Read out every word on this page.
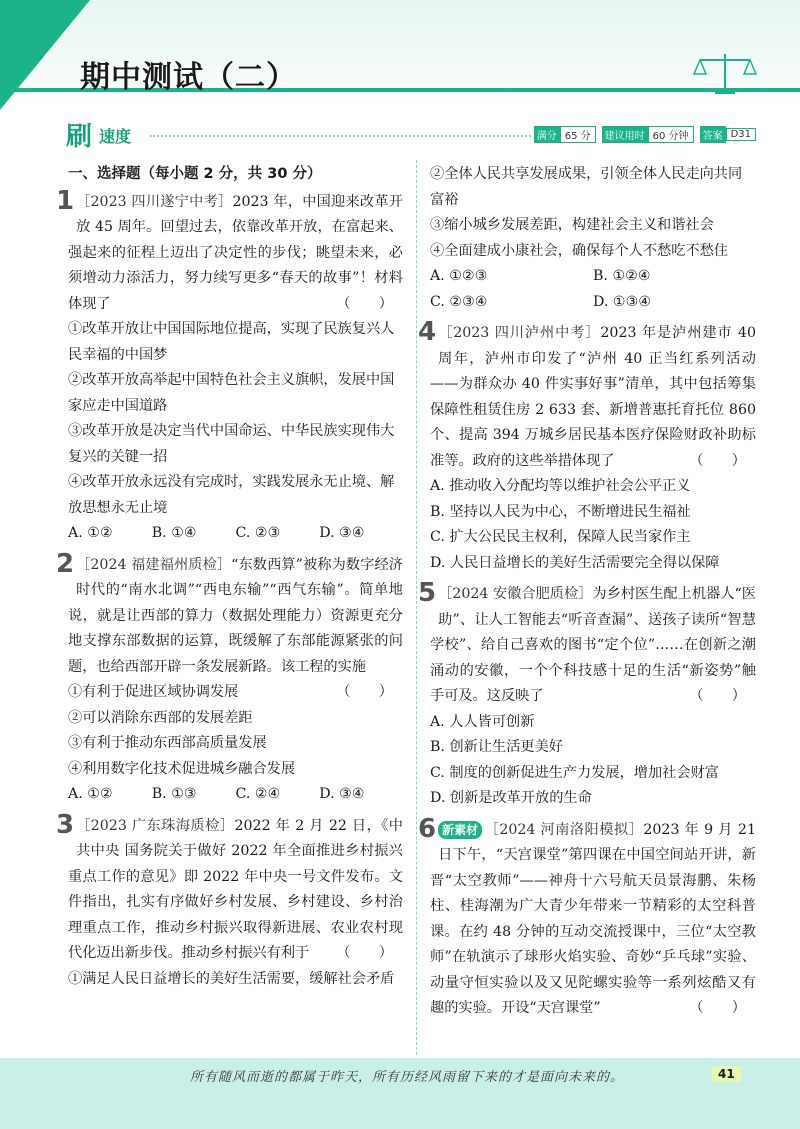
期中测试（二）
刷 速度	满分 65 分	建议用时 60 分钟	答案 D31
一、选择题（每小题 2 分，共 30 分）
1 ［2023 四川遂宁中考］2023 年，中国迎来改革开放 45 周年。回望过去，依靠改革开放，在富起来、强起来的征程上迈出了决定性的步伐；眺望未来，必须增动力添活力，努力续写更多“春天的故事”！材料体现了	（　　）

①改革开放让中国国际地位提高，实现了民族复兴人民幸福的中国梦

②改革开放高举起中国特色社会主义旗帜，发展中国家应走中国道路

③改革开放是决定当代中国命运、中华民族实现伟大复兴的关键一招

④改革开放永远没有完成时，实践发展永无止境、解放思想永无止境

A. ①②	B. ①④	C. ②③	D. ③④
2 ［2024 福建福州质检］“东数西算”被称为数字经济时代的“南水北调”“西电东输”“西气东输”。简单地说，就是让西部的算力（数据处理能力）资源更充分地支撑东部数据的运算，既缓解了东部能源紧张的问题，也给西部开辟一条发展新路。该工程的实施
（　　）

①有利于促进区域协调发展

②可以消除东西部的发展差距

③有利于推动东西部高质量发展

④利用数字化技术促进城乡融合发展

A. ①②	B. ①③	C. ②④	D. ③④
3 ［2023 广东珠海质检］2022 年 2 月 22 日，《中共中央 国务院关于做好 2022 年全面推进乡村振兴重点工作的意见》即 2022 年中央一号文件发布。文件指出，扎实有序做好乡村发展、乡村建设、乡村治理重点工作，推动乡村振兴取得新进展、农业农村现代化迈出新步伐。推动乡村振兴有利于 （　　）

①满足人民日益增长的美好生活需要，缓解社会矛盾

②全体人民共享发展成果，引领全体人民走向共同富裕

③缩小城乡发展差距，构建社会主义和谐社会

④全面建成小康社会，确保每个人不愁吃不愁住

A. ①②③	B. ①②④
C. ②③④	D. ①③④
4 ［2023 四川泸州中考］2023 年是泸州建市 40 周年，泸州市印发了“泸州 40 正当红系列活动——为群众办 40 件实事好事”清单，其中包括筹集保障性租赁住房 2 633 套、新增普惠托育托位 860 个、提高 394 万城乡居民基本医疗保险财政补助标准等。政府的这些举措体现了	（　　）

A. 推动收入分配均等以维护社会公平正义

B. 坚持以人民为中心，不断增进民生福祉

C. 扩大公民民主权利，保障人民当家作主

D. 人民日益增长的美好生活需要完全得以保障

5 ［2024 安徽合肥质检］为乡村医生配上机器人“医助”、让人工智能去“听音查漏”、送孩子读所“智慧学校”、给自己喜欢的图书“定个位”……在创新之潮涌动的安徽，一个个科技感十足的生活“新姿势”触手可及。这反映了	（　　）

A. 人人皆可创新

B. 创新让生活更美好

C. 制度的创新促进生产力发展，增加社会财富

D. 创新是改革开放的生命

6 新素材 ［2024 河南洛阳模拟］2023 年 9 月 21 日下午，“天宫课堂”第四课在中国空间站开讲，新晋“太空教师”——神舟十六号航天员景海鹏、朱杨柱、桂海潮为广大青少年带来一节精彩的太空科普课。在约 48 分钟的互动交流授课中，三位“太空教师”在轨演示了球形火焰实验、奇妙“乒乓球”实验、动量守恒实验以及又见陀螺实验等一系列炫酷又有趣的实验。开设“天宫课堂”	（　　）

所有随风而逝的都属于昨天，所有历经风雨留下来的才是面向未来的。	41
